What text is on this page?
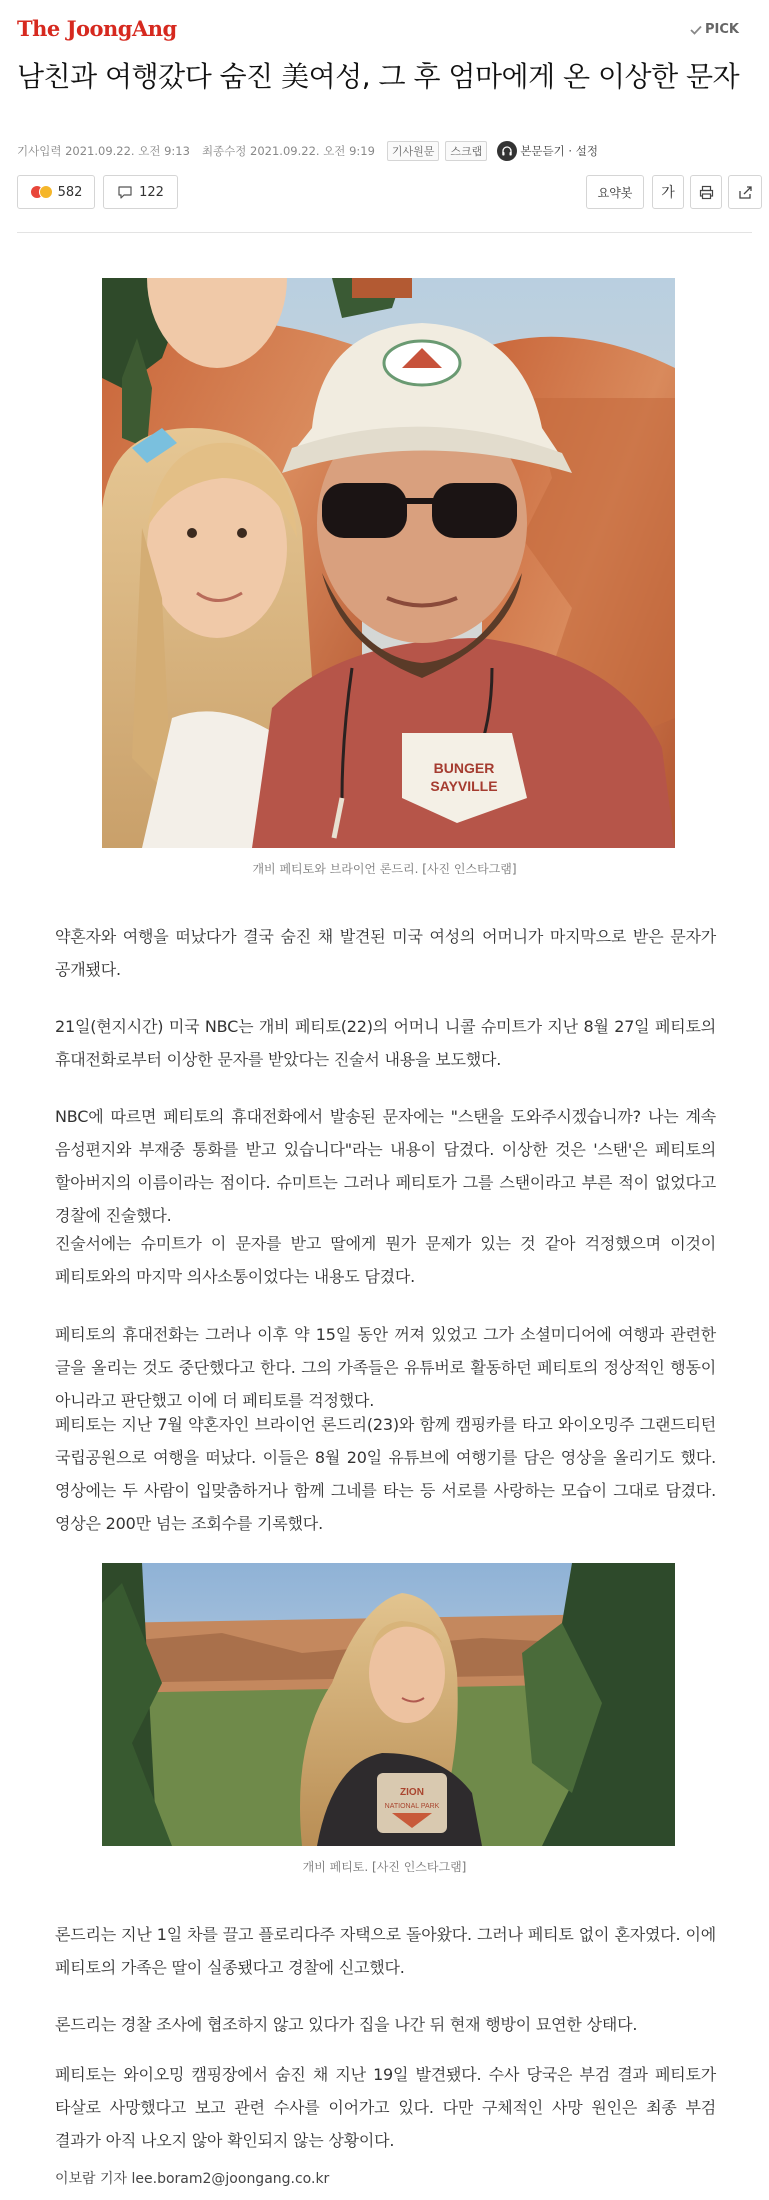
The JoongAng	PICK
남친과 여행갔다 숨진 美여성, 그 후 엄마에게 온 이상한 문자
기사입력 2021.09.22. 오전 9:13 최종수정 2021.09.22. 오전 9:19	기사원문	스크랩	본문듣기 · 설정
582	122	요약봇	가
BUNGER
SAYVILLE
개비 페티토와 브라이언 론드리. [사진 인스타그램]

약혼자와 여행을 떠났다가 결국 숨진 채 발견된 미국 여성의 어머니가 마지막으로 받은 문자가 공개됐다.

21일(현지시간) 미국 NBC는 개비 페티토(22)의 어머니 니콜 슈미트가 지난 8월 27일 페티토의 휴대전화로부터 이상한 문자를 받았다는 진술서 내용을 보도했다.

NBC에 따르면 페티토의 휴대전화에서 발송된 문자에는 "스탠을 도와주시겠습니까? 나는 계속 음성편지와 부재중 통화를 받고 있습니다"라는 내용이 담겼다. 이상한 것은 '스탠'은 페티토의 할아버지의 이름이라는 점이다. 슈미트는 그러나 페티토가 그를 스탠이라고 부른 적이 없었다고 경찰에 진술했다.

진술서에는 슈미트가 이 문자를 받고 딸에게 뭔가 문제가 있는 것 같아 걱정했으며 이것이 페티토와의 마지막 의사소통이었다는 내용도 담겼다.

페티토의 휴대전화는 그러나 이후 약 15일 동안 꺼져 있었고 그가 소셜미디어에 여행과 관련한 글을 올리는 것도 중단했다고 한다. 그의 가족들은 유튜버로 활동하던 페티토의 정상적인 행동이 아니라고 판단했고 이에 더 페티토를 걱정했다.

페티토는 지난 7월 약혼자인 브라이언 론드리(23)와 함께 캠핑카를 타고 와이오밍주 그랜드티턴 국립공원으로 여행을 떠났다. 이들은 8월 20일 유튜브에 여행기를 담은 영상을 올리기도 했다. 영상에는 두 사람이 입맞춤하거나 함께 그네를 타는 등 서로를 사랑하는 모습이 그대로 담겼다. 영상은 200만 넘는 조회수를 기록했다.

ZION
NATIONAL PARK
개비 페티토. [사진 인스타그램]

론드리는 지난 1일 차를 끌고 플로리다주 자택으로 돌아왔다. 그러나 페티토 없이 혼자였다. 이에 페티토의 가족은 딸이 실종됐다고 경찰에 신고했다.

론드리는 경찰 조사에 협조하지 않고 있다가 집을 나간 뒤 현재 행방이 묘연한 상태다.

페티토는 와이오밍 캠핑장에서 숨진 채 지난 19일 발견됐다. 수사 당국은 부검 결과 페티토가 타살로 사망했다고 보고 관련 수사를 이어가고 있다. 다만 구체적인 사망 원인은 최종 부검 결과가 아직 나오지 않아 확인되지 않는 상황이다.

이보람 기자 lee.boram2@joongang.co.kr
